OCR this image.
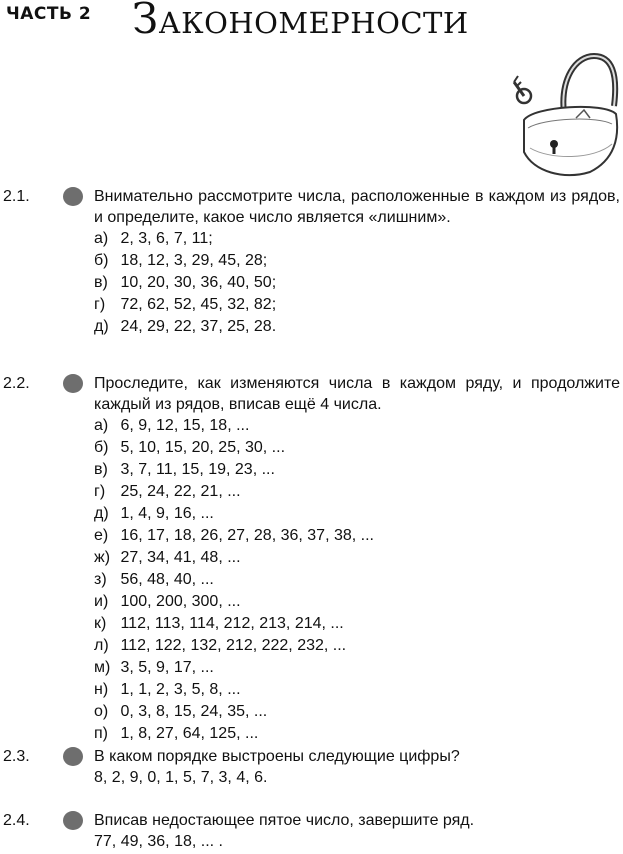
ЧАСТЬ 2 Закономерности
2.1.	Внимательно рассмотрите числа, расположенные в каждом из рядов, и определите, какое число является «лишним».

а) 2, 3, 6, 7, 11;
б) 18, 12, 3, 29, 45, 28;
в) 10, 20, 30, 36, 40, 50;
г) 72, 62, 52, 45, 32, 82;
д) 24, 29, 22, 37, 25, 28.
2.2.	Проследите, как изменяются числа в каждом ряду, и продолжите каждый из рядов, вписав ещё 4 числа.

а) 6, 9, 12, 15, 18, ...
б) 5, 10, 15, 20, 25, 30, ...
в) 3, 7, 11, 15, 19, 23, ...
г) 25, 24, 22, 21, ...
д) 1, 4, 9, 16, ...
е) 16, 17, 18, 26, 27, 28, 36, 37, 38, ...
ж) 27, 34, 41, 48, ...
з) 56, 48, 40, ...
и) 100, 200, 300, ...
к) 112, 113, 114, 212, 213, 214, ...
л) 112, 122, 132, 212, 222, 232, ...
м) 3, 5, 9, 17, ...
н) 1, 1, 2, 3, 5, 8, ...
о) 0, 3, 8, 15, 24, 35, ...
п) 1, 8, 27, 64, 125, ...
2.3.	В каком порядке выстроены следующие цифры?

8, 2, 9, 0, 1, 5, 7, 3, 4, 6.

2.4.	Вписав недостающее пятое число, завершите ряд.

77, 49, 36, 18, ... .
